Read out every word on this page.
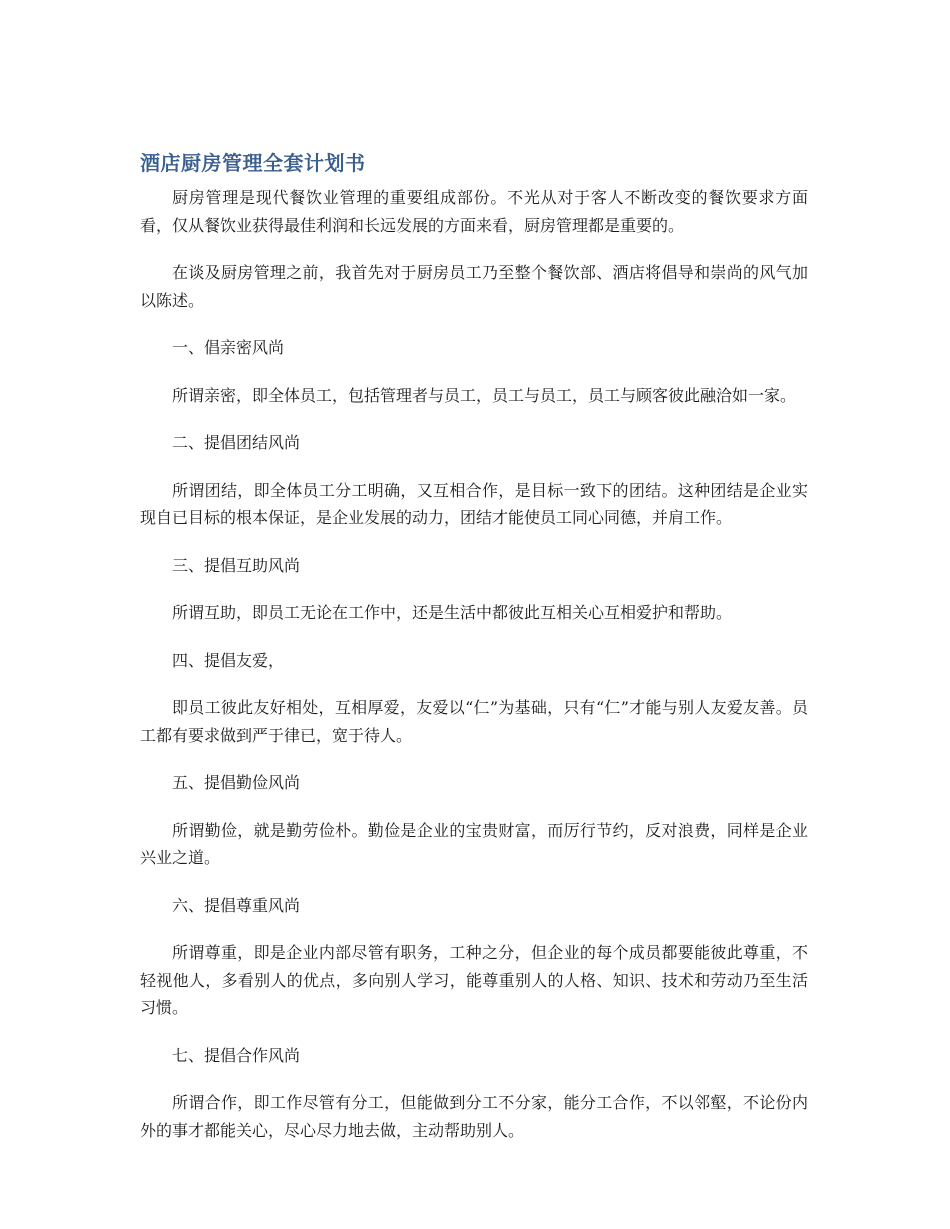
酒店厨房管理全套计划书

厨房管理是现代餐饮业管理的重要组成部份。不光从对于客人不断改变的餐饮要求方面看，仅从餐饮业获得最佳利润和长远发展的方面来看，厨房管理都是重要的。

在谈及厨房管理之前，我首先对于厨房员工乃至整个餐饮部、酒店将倡导和崇尚的风气加以陈述。

一、倡亲密风尚

所谓亲密，即全体员工，包括管理者与员工，员工与员工，员工与顾客彼此融洽如一家。

二、提倡团结风尚

所谓团结，即全体员工分工明确，又互相合作，是目标一致下的团结。这种团结是企业实现自已目标的根本保证，是企业发展的动力，团结才能使员工同心同德，并肩工作。

三、提倡互助风尚

所谓互助，即员工无论在工作中，还是生活中都彼此互相关心互相爱护和帮助。

四、提倡友爱，

即员工彼此友好相处，互相厚爱，友爱以“仁”为基础，只有“仁”才能与别人友爱友善。员工都有要求做到严于律已，宽于待人。

五、提倡勤俭风尚

所谓勤俭，就是勤劳俭朴。勤俭是企业的宝贵财富，而厉行节约，反对浪费，同样是企业兴业之道。

六、提倡尊重风尚

所谓尊重，即是企业内部尽管有职务，工种之分，但企业的每个成员都要能彼此尊重，不轻视他人，多看别人的优点，多向别人学习，能尊重别人的人格、知识、技术和劳动乃至生活习惯。

七、提倡合作风尚

所谓合作，即工作尽管有分工，但能做到分工不分家，能分工合作，不以邻壑，不论份内外的事才都能关心，尽心尽力地去做，主动帮助别人。
